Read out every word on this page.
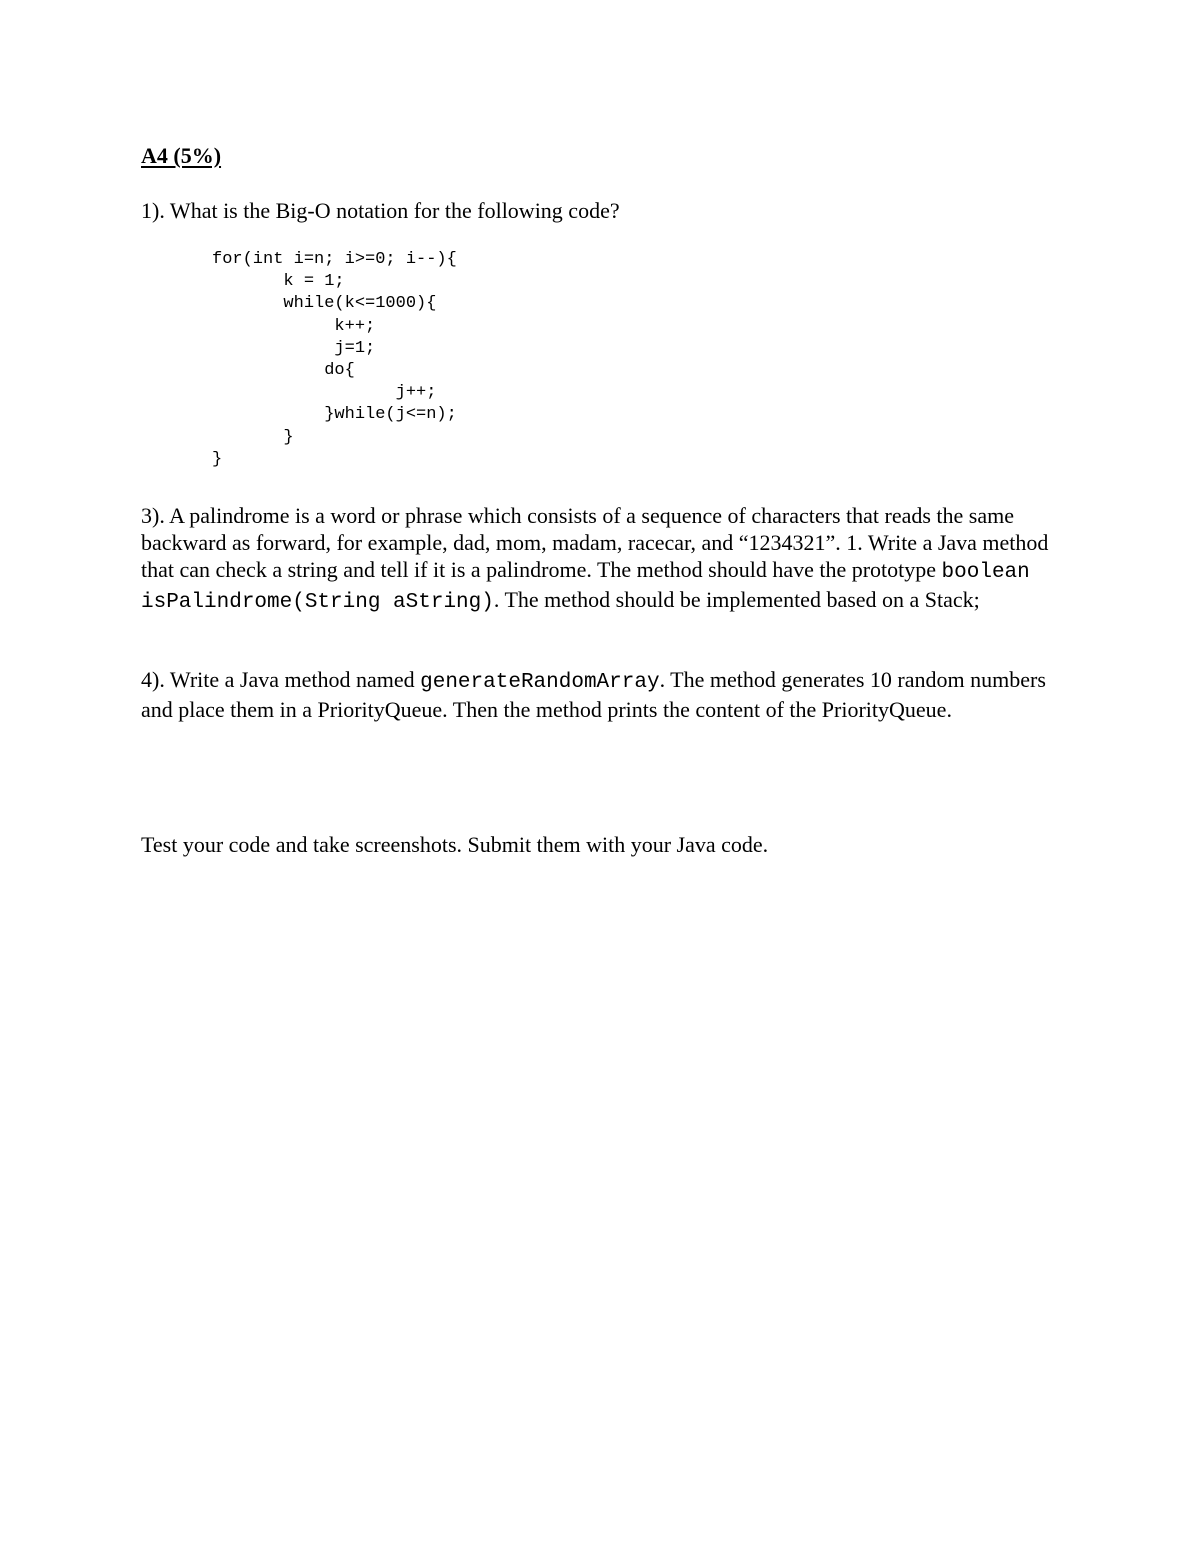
A4 (5%)

1). What is the Big-O notation for the following code?

for(int i=n; i>=0; i--){
k = 1;
while(k<=1000){
k++;
j=1;
do{
j++;
}while(j<=n);
}
}

3). A palindrome is a word or phrase which consists of a sequence of characters that reads the same backward as forward, for example, dad, mom, madam, racecar, and “1234321”. 1. Write a Java method that can check a string and tell if it is a palindrome. The method should have the prototype boolean isPalindrome(String aString). The method should be implemented based on a Stack;

4). Write a Java method named generateRandomArray. The method generates 10 random numbers and place them in a PriorityQueue. Then the method prints the content of the PriorityQueue.

Test your code and take screenshots. Submit them with your Java code.
